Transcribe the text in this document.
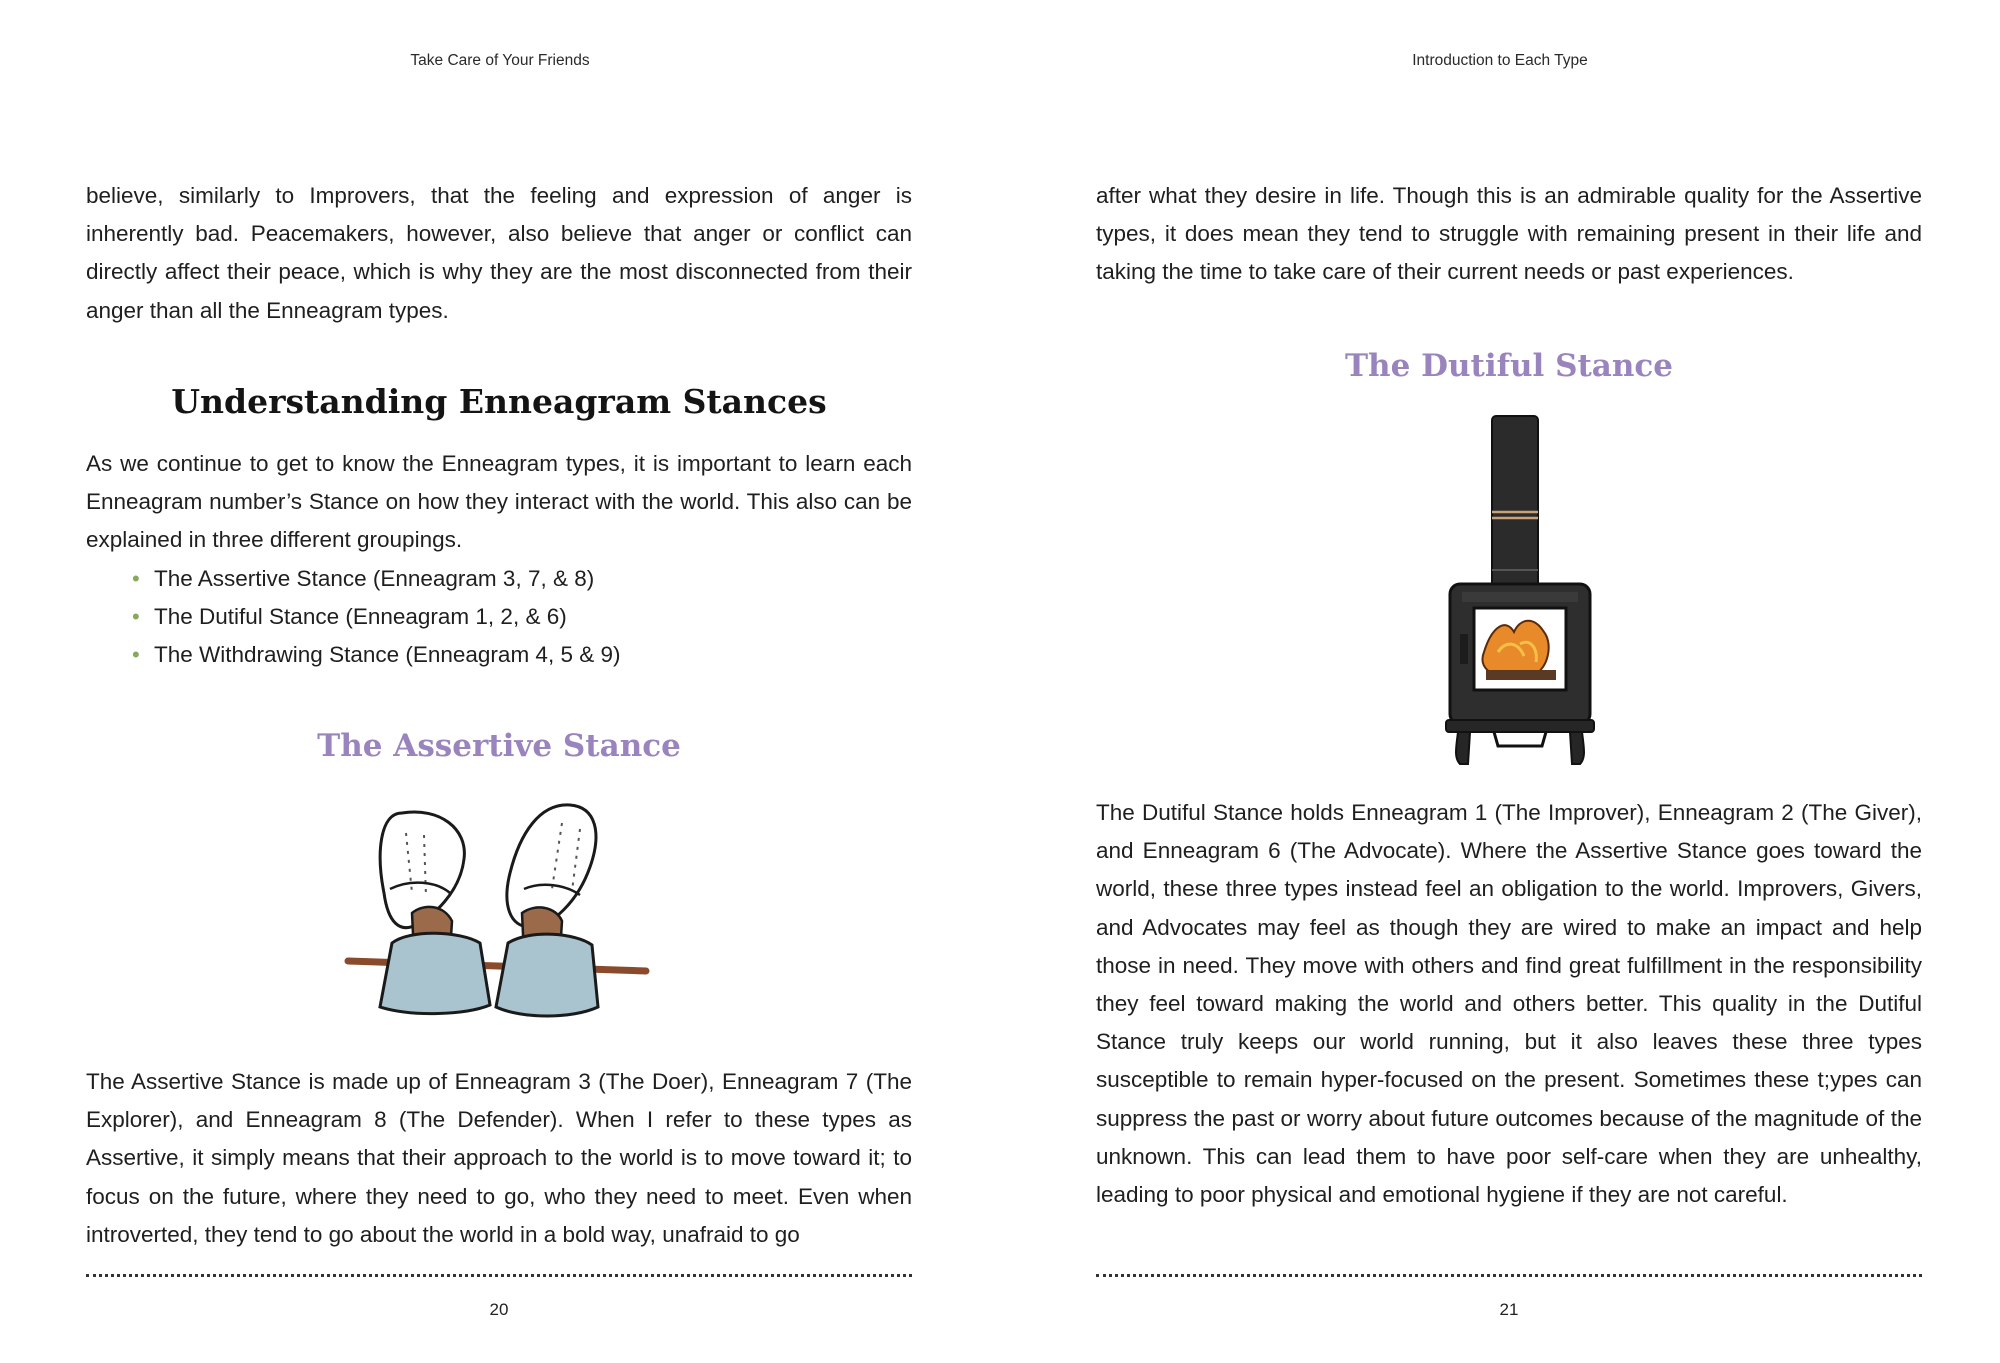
Take Care of Your Friends

believe, similarly to Improvers, that the feeling and expression of anger is inherently bad. Peacemakers, however, also believe that anger or conflict can directly affect their peace, which is why they are the most disconnected from their anger than all the Enneagram types.

Understanding Enneagram Stances

As we continue to get to know the Enneagram types, it is important to learn each Enneagram number’s Stance on how they interact with the world. This also can be explained in three different groupings.

• The Assertive Stance (Enneagram 3, 7, & 8)
• The Dutiful Stance (Enneagram 1, 2, & 6)
• The Withdrawing Stance (Enneagram 4, 5 & 9)
The Assertive Stance

The Assertive Stance is made up of Enneagram 3 (The Doer), Enneagram 7 (The Explorer), and Enneagram 8 (The Defender). When I refer to these types as Assertive, it simply means that their approach to the world is to move toward it; to focus on the future, where they need to go, who they need to meet. Even when introverted, they tend to go about the world in a bold way, unafraid to go

20
Introduction to Each Type

after what they desire in life. Though this is an admirable quality for the Assertive types, it does mean they tend to struggle with remaining present in their life and taking the time to take care of their current needs or past experiences.

The Dutiful Stance

The Dutiful Stance holds Enneagram 1 (The Improver), Enneagram 2 (The Giver), and Enneagram 6 (The Advocate). Where the Assertive Stance goes toward the world, these three types instead feel an obligation to the world. Improvers, Givers, and Advocates may feel as though they are wired to make an impact and help those in need. They move with others and find great fulfillment in the responsibility they feel toward making the world and others better. This quality in the Dutiful Stance truly keeps our world running, but it also leaves these three types susceptible to remain hyper-focused on the present. Sometimes these t;ypes can suppress the past or worry about future outcomes because of the magnitude of the unknown. This can lead them to have poor self-care when they are unhealthy, leading to poor physical and emotional hygiene if they are not careful.

21
